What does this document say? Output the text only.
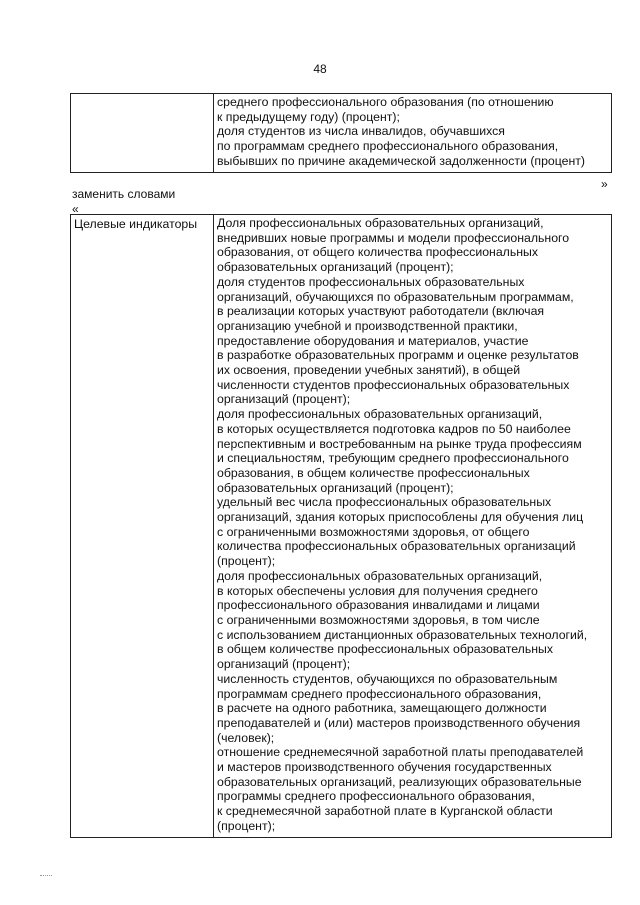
48

среднего профессионального образования (по отношению
к предыдущему году) (процент);
доля студентов из числа инвалидов, обучавшихся
по программам среднего профессионального образования,
выбывших по причине академической задолженности (процент)
»
заменить словами
«
Целевые индикаторы	Доля профессиональных образовательных организаций,
внедривших новые программы и модели профессионального
образования, от общего количества профессиональных
образовательных организаций (процент);
доля студентов профессиональных образовательных
организаций, обучающихся по образовательным программам,
в реализации которых участвуют работодатели (включая
организацию учебной и производственной практики,
предоставление оборудования и материалов, участие
в разработке образовательных программ и оценке результатов
их освоения, проведении учебных занятий), в общей
численности студентов профессиональных образовательных
организаций (процент);
доля профессиональных образовательных организаций,
в которых осуществляется подготовка кадров по 50 наиболее
перспективным и востребованным на рынке труда профессиям
и специальностям, требующим среднего профессионального
образования, в общем количестве профессиональных
образовательных организаций (процент);
удельный вес числа профессиональных образовательных
организаций, здания которых приспособлены для обучения лиц
с ограниченными возможностями здоровья, от общего
количества профессиональных образовательных организаций
(процент);
доля профессиональных образовательных организаций,
в которых обеспечены условия для получения среднего
профессионального образования инвалидами и лицами
с ограниченными возможностями здоровья, в том числе
с использованием дистанционных образовательных технологий,
в общем количестве профессиональных образовательных
организаций (процент);
численность студентов, обучающихся по образовательным
программам среднего профессионального образования,
в расчете на одного работника, замещающего должности
преподавателей и (или) мастеров производственного обучения
(человек);
отношение среднемесячной заработной платы преподавателей
и мастеров производственного обучения государственных
образовательных организаций, реализующих образовательные
программы среднего профессионального образования,
к среднемесячной заработной плате в Курганской области
(процент);
